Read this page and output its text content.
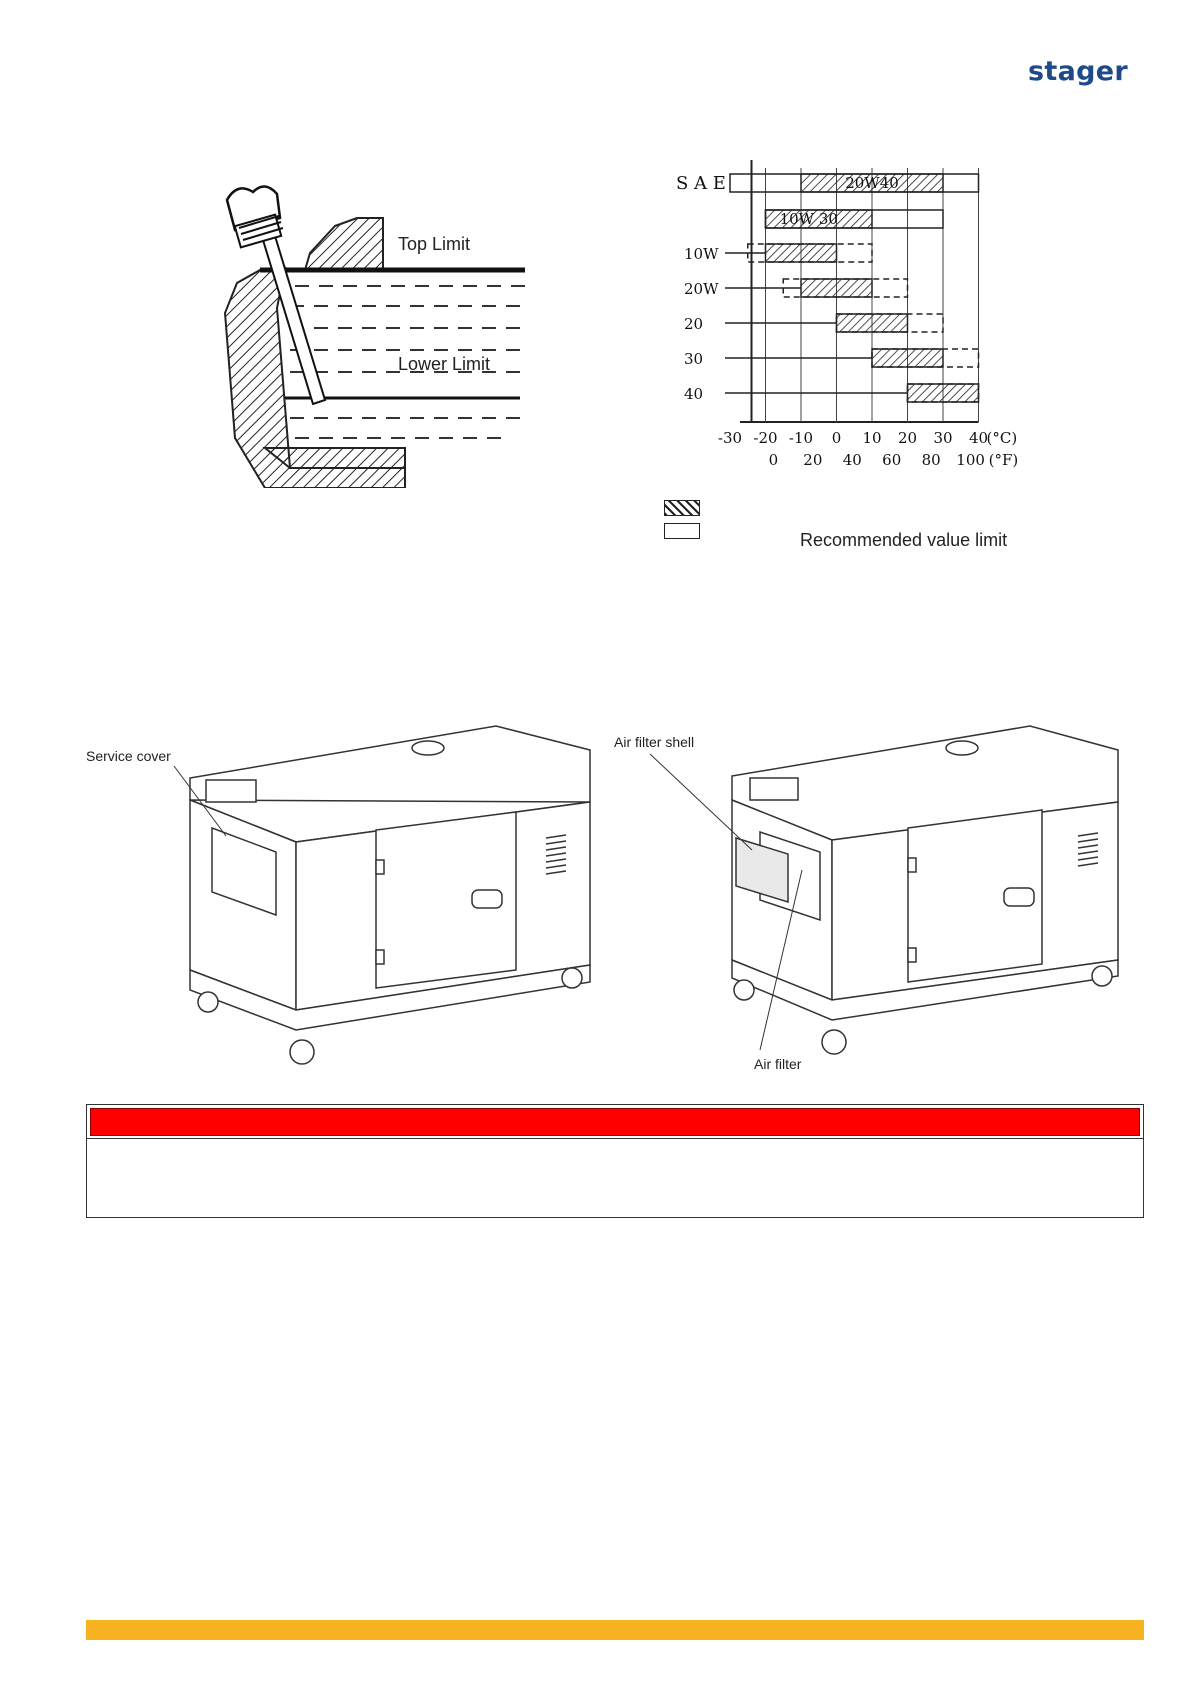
stager
Top Limit
Lower Limit
20W40
10W 30
10W
20W
20
30
40
-30 -20 -10 0 10 20 30 40
(°C)
0 20 40 60 80 100 (°F)
S A E
Recommended value limit
Service cover
Air filter shell
Air filter
